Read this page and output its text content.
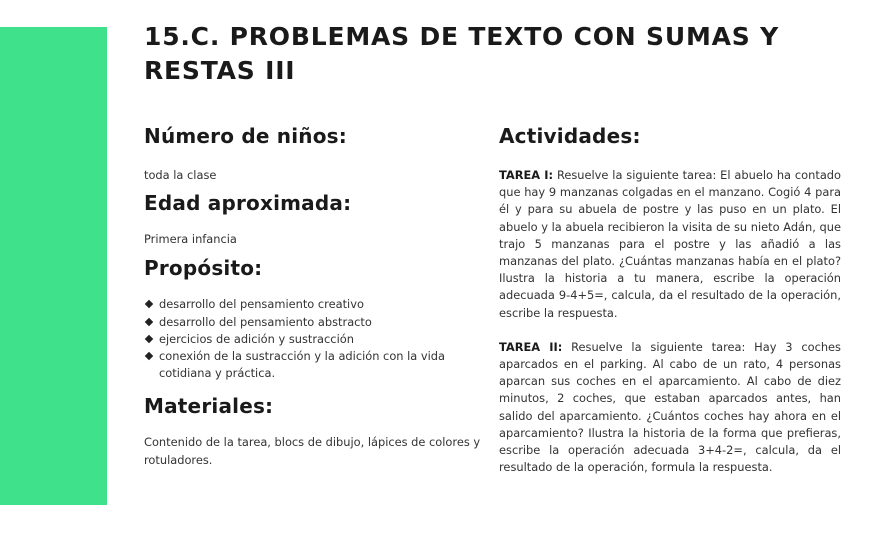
15.C. PROBLEMAS DE TEXTO CON SUMAS Y RESTAS III
Número de niños:

toda la clase

Edad aproximada:

Primera infancia

Propósito:
desarrollo del pensamiento creativo
desarrollo del pensamiento abstracto
ejercicios de adición y sustracción
conexión de la sustracción y la adición con la vida cotidiana y práctica.
Materiales:

Contenido de la tarea, blocs de dibujo, lápices de colores y rotuladores.

Actividades:

TAREA I: Resuelve la siguiente tarea: El abuelo ha contado que hay 9 manzanas colgadas en el manzano. Cogió 4 para él y para su abuela de postre y las puso en un plato. El abuelo y la abuela recibieron la visita de su nieto Adán, que trajo 5 manzanas para el postre y las añadió a las manzanas del plato. ¿Cuántas manzanas había en el plato? Ilustra la historia a tu manera, escribe la operación adecuada 9-4+5=, calcula, da el resultado de la operación, escribe la respuesta.

TAREA II: Resuelve la siguiente tarea: Hay 3 coches aparcados en el parking. Al cabo de un rato, 4 personas aparcan sus coches en el aparcamiento. Al cabo de diez minutos, 2 coches, que estaban aparcados antes, han salido del aparcamiento. ¿Cuántos coches hay ahora en el aparcamiento? Ilustra la historia de la forma que prefieras, escribe la operación adecuada 3+4-2=, calcula, da el resultado de la operación, formula la respuesta.
